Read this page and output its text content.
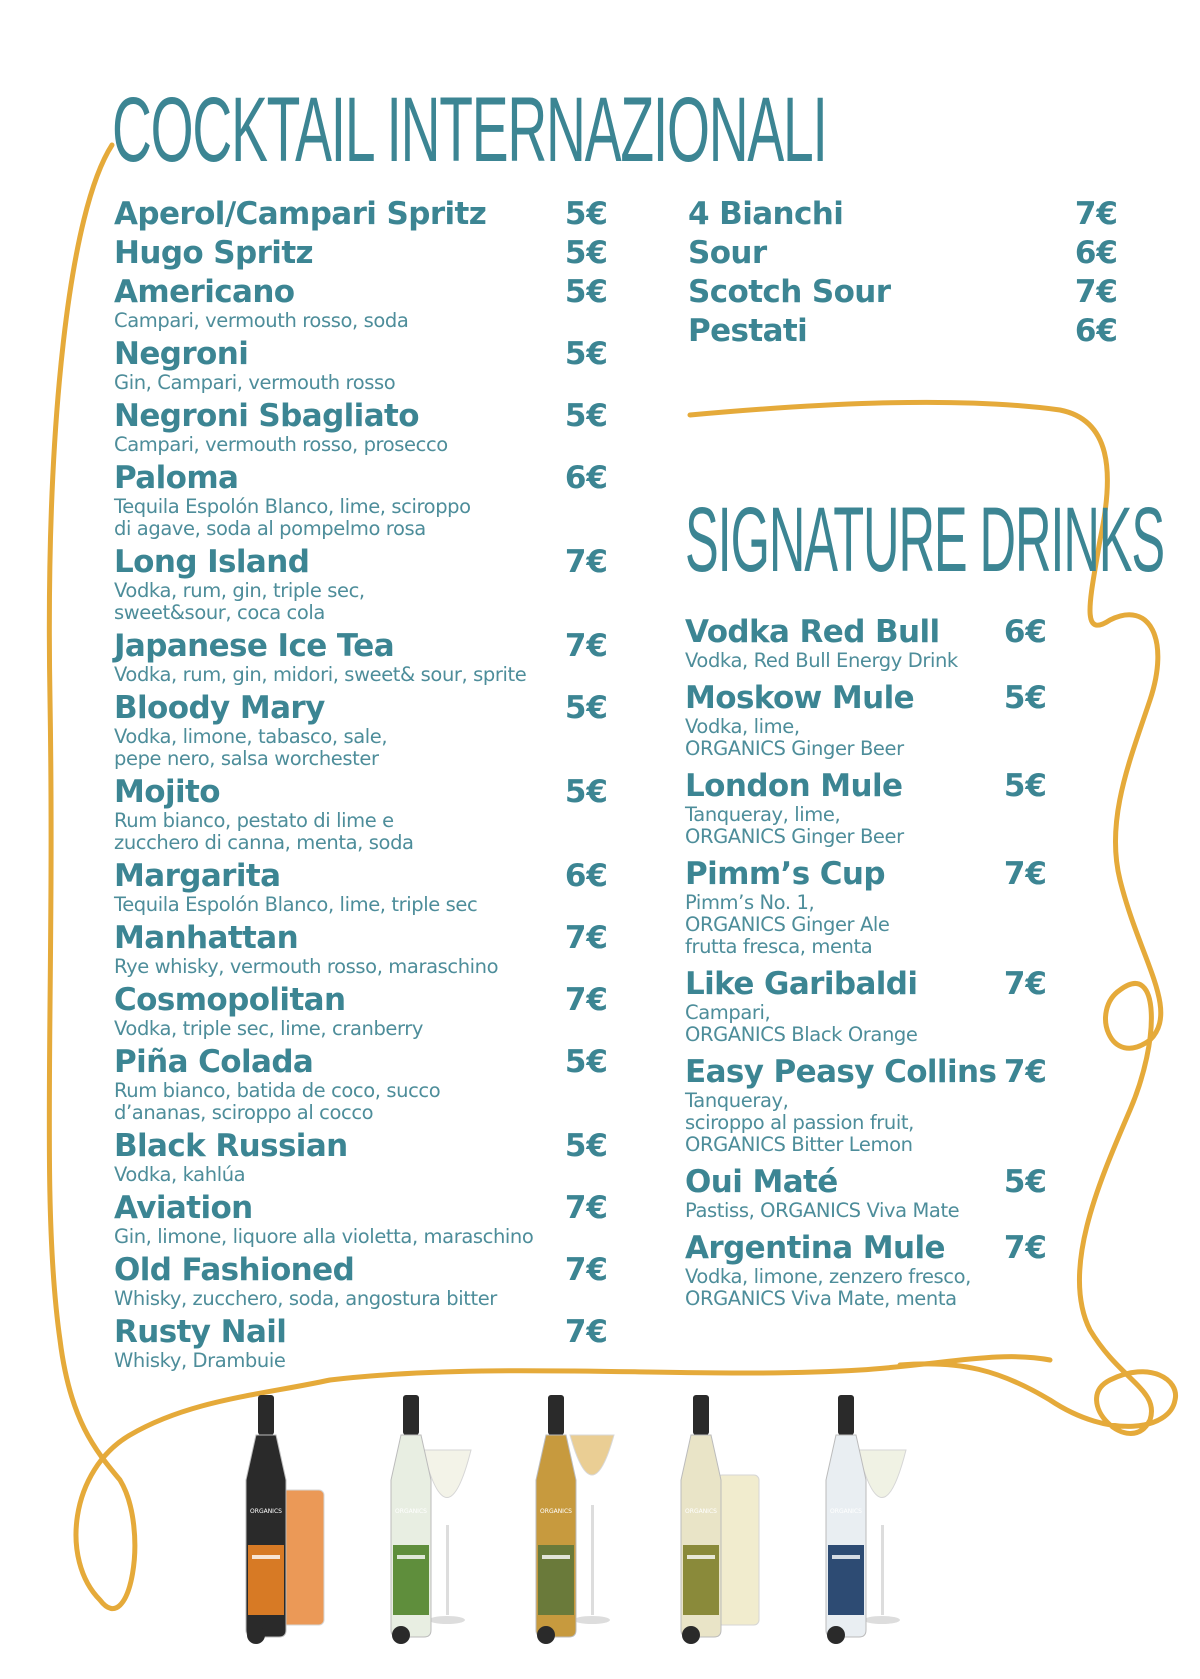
COCKTAIL INTERNAZIONALI
SIGNATURE DRINKS
Aperol/Campari Spritz	5€
Hugo Spritz	5€
Americano	5€
Campari, vermouth rosso, soda
Negroni	5€
Gin, Campari, vermouth rosso
Negroni Sbagliato	5€
Campari, vermouth rosso, prosecco
Paloma	6€
Tequila Espolón Blanco, lime, sciroppo
di agave, soda al pompelmo rosa
Long Island	7€
Vodka, rum, gin, triple sec,
sweet&sour, coca cola
Japanese Ice Tea	7€
Vodka, rum, gin, midori, sweet& sour, sprite
Bloody Mary	5€
Vodka, limone, tabasco, sale,
pepe nero, salsa worchester
Mojito	5€
Rum bianco, pestato di lime e
zucchero di canna, menta, soda
Margarita	6€
Tequila Espolón Blanco, lime, triple sec
Manhattan	7€
Rye whisky, vermouth rosso, maraschino
Cosmopolitan	7€
Vodka, triple sec, lime, cranberry
Piña Colada	5€
Rum bianco, batida de coco, succo
d’ananas, sciroppo al cocco
Black Russian	5€
Vodka, kahlúa
Aviation	7€
Gin, limone, liquore alla violetta, maraschino
Old Fashioned	7€
Whisky, zucchero, soda, angostura bitter
Rusty Nail	7€
Whisky, Drambuie
4 Bianchi	7€
Sour	6€
Scotch Sour	7€
Pestati	6€
Vodka Red Bull	6€
Vodka, Red Bull Energy Drink
Moskow Mule	5€
Vodka, lime,
ORGANICS Ginger Beer
London Mule	5€
Tanqueray, lime,
ORGANICS Ginger Beer
Pimm’s Cup	7€
Pimm’s No. 1,
ORGANICS Ginger Ale
frutta fresca, menta
Like Garibaldi	7€
Campari,
ORGANICS Black Orange
Easy Peasy Collins 7€
Tanqueray,
sciroppo al passion fruit,
ORGANICS Bitter Lemon
Oui Maté	5€
Pastiss, ORGANICS Viva Mate
Argentina Mule	7€
Vodka, limone, zenzero fresco,
ORGANICS Viva Mate, menta
ORGANICS	ORGANICS	ORGANICS	ORGANICS	ORGANICS
